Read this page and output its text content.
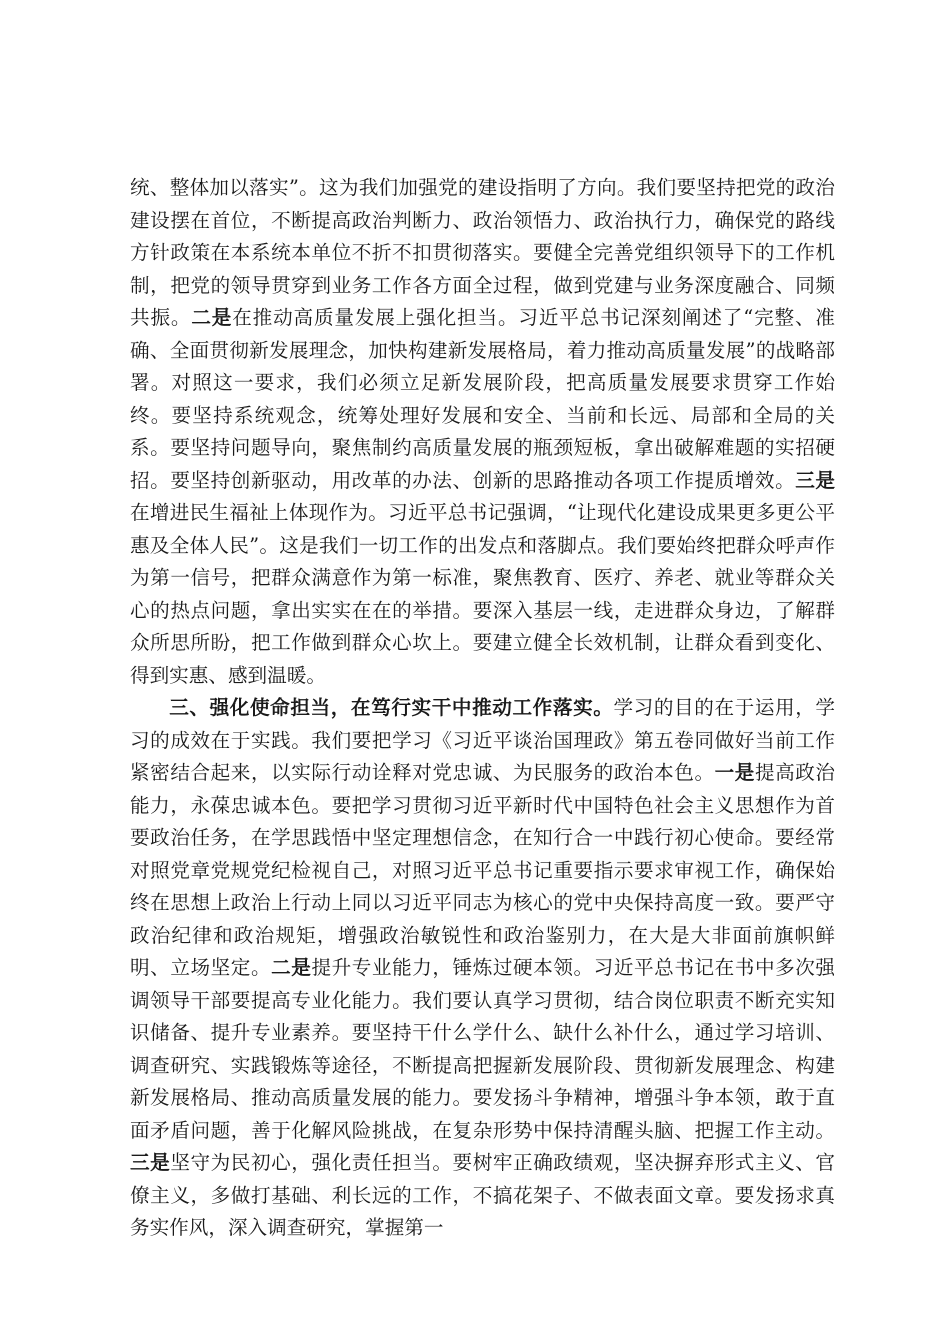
统、整体加以落实”。这为我们加强党的建设指明了方向。我们要坚持把党的政治建设摆在首位，不断提高政治判断力、政治领悟力、政治执行力，确保党的路线方针政策在本系统本单位不折不扣贯彻落实。要健全完善党组织领导下的工作机制，把党的领导贯穿到业务工作各方面全过程，做到党建与业务深度融合、同频共振。二是在推动高质量发展上强化担当。习近平总书记深刻阐述了“完整、准确、全面贯彻新发展理念，加快构建新发展格局，着力推动高质量发展”的战略部署。对照这一要求，我们必须立足新发展阶段，把高质量发展要求贯穿工作始终。要坚持系统观念，统筹处理好发展和安全、当前和长远、局部和全局的关系。要坚持问题导向，聚焦制约高质量发展的瓶颈短板，拿出破解难题的实招硬招。要坚持创新驱动，用改革的办法、创新的思路推动各项工作提质增效。三是在增进民生福祉上体现作为。习近平总书记强调，“让现代化建设成果更多更公平惠及全体人民”。这是我们一切工作的出发点和落脚点。我们要始终把群众呼声作为第一信号，把群众满意作为第一标准，聚焦教育、医疗、养老、就业等群众关心的热点问题，拿出实实在在的举措。要深入基层一线，走进群众身边，了解群众所思所盼，把工作做到群众心坎上。要建立健全长效机制，让群众看到变化、得到实惠、感到温暖。

三、强化使命担当，在笃行实干中推动工作落实。学习的目的在于运用，学习的成效在于实践。我们要把学习《习近平谈治国理政》第五卷同做好当前工作紧密结合起来，以实际行动诠释对党忠诚、为民服务的政治本色。一是提高政治能力，永葆忠诚本色。要把学习贯彻习近平新时代中国特色社会主义思想作为首要政治任务，在学思践悟中坚定理想信念，在知行合一中践行初心使命。要经常对照党章党规党纪检视自己，对照习近平总书记重要指示要求审视工作，确保始终在思想上政治上行动上同以习近平同志为核心的党中央保持高度一致。要严守政治纪律和政治规矩，增强政治敏锐性和政治鉴别力，在大是大非面前旗帜鲜明、立场坚定。二是提升专业能力，锤炼过硬本领。习近平总书记在书中多次强调领导干部要提高专业化能力。我们要认真学习贯彻，结合岗位职责不断充实知识储备、提升专业素养。要坚持干什么学什么、缺什么补什么，通过学习培训、调查研究、实践锻炼等途径，不断提高把握新发展阶段、贯彻新发展理念、构建新发展格局、推动高质量发展的能力。要发扬斗争精神，增强斗争本领，敢于直面矛盾问题，善于化解风险挑战，在复杂形势中保持清醒头脑、把握工作主动。三是坚守为民初心，强化责任担当。要树牢正确政绩观，坚决摒弃形式主义、官僚主义，多做打基础、利长远的工作，不搞花架子、不做表面文章。要发扬求真务实作风，深入调查研究，掌握第一
